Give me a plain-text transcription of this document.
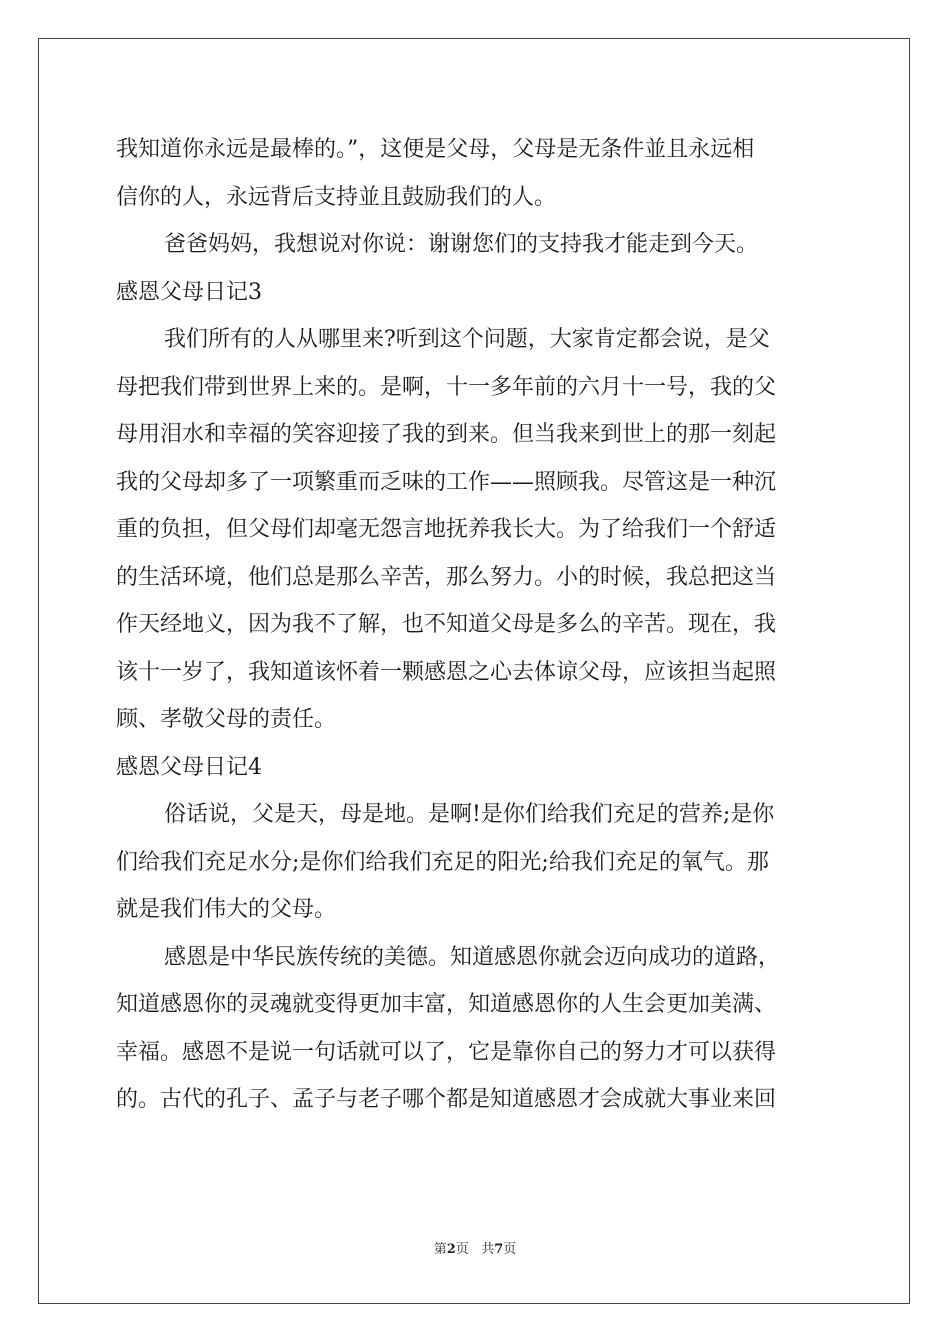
我知道你永远是最棒的。”，这便是父母，父母是无条件並且永远相
信你的人，永远背后支持並且鼓励我们的人。
爸爸妈妈，我想说对你说：谢谢您们的支持我才能走到今天。
感恩父母日记3
我们所有的人从哪里来?听到这个问题，大家肯定都会说，是父
母把我们带到世界上来的。是啊，十一多年前的六月十一号，我的父
母用泪水和幸福的笑容迎接了我的到来。但当我来到世上的那一刻起
我的父母却多了一项繁重而乏味的工作——照顾我。尽管这是一种沉
重的负担，但父母们却毫无怨言地抚养我长大。为了给我们一个舒适
的生活环境，他们总是那么辛苦，那么努力。小的时候，我总把这当
作天经地义，因为我不了解，也不知道父母是多么的辛苦。现在，我
该十一岁了，我知道该怀着一颗感恩之心去体谅父母，应该担当起照
顾、孝敬父母的责任。
感恩父母日记4
俗话说，父是天，母是地。是啊!是你们给我们充足的营养;是你
们给我们充足水分;是你们给我们充足的阳光;给我们充足的氧气。那
就是我们伟大的父母。
感恩是中华民族传统的美德。知道感恩你就会迈向成功的道路，
知道感恩你的灵魂就变得更加丰富，知道感恩你的人生会更加美满、
幸福。感恩不是说一句话就可以了，它是靠你自己的努力才可以获得
的。古代的孔子、孟子与老子哪个都是知道感恩才会成就大事业来回
第2页 共7页
